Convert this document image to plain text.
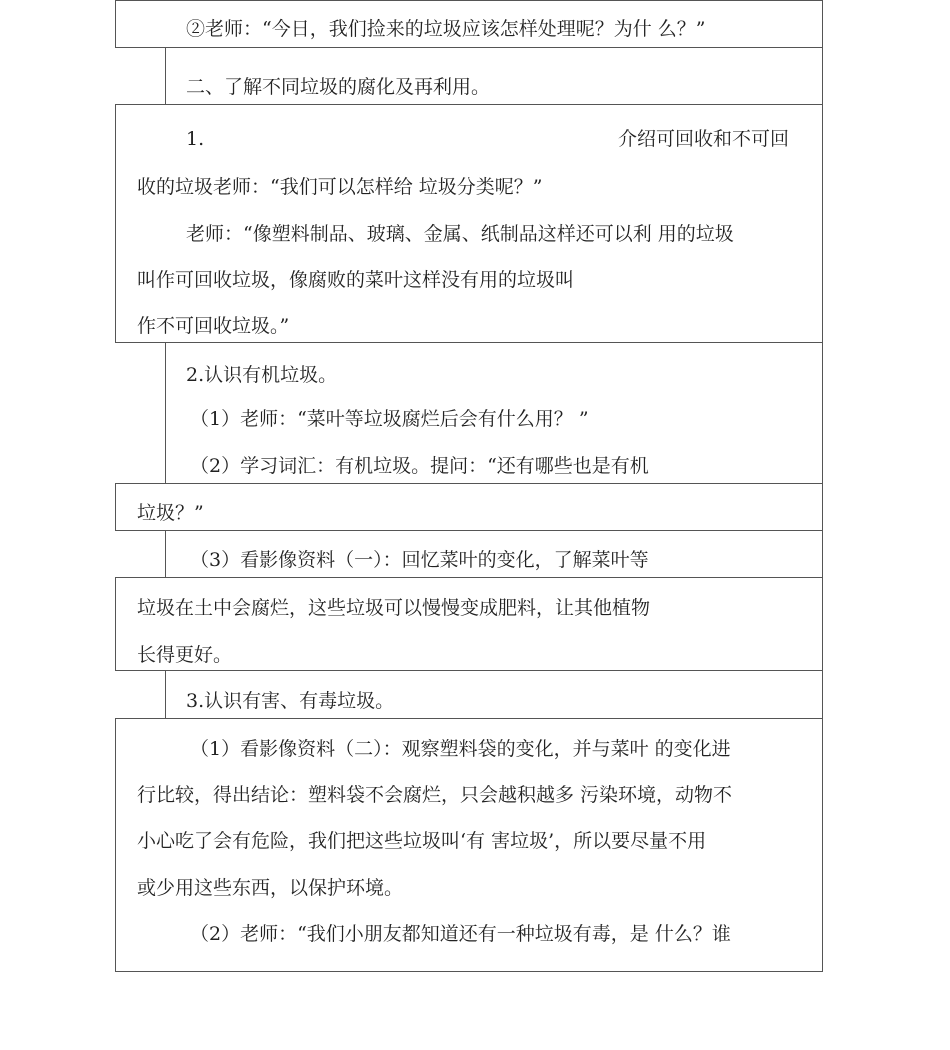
②老师：“今日，我们捡来的垃圾应该怎样处理呢？为什 么？”
二、了解不同垃圾的腐化及再利用。
1.	介绍可回收和不可回
收的垃圾老师：“我们可以怎样给 垃圾分类呢？”
老师：“像塑料制品、玻璃、金属、纸制品这样还可以利 用的垃圾
叫作可回收垃圾，像腐败的菜叶这样没有用的垃圾叫
作不可回收垃圾。”
2.认识有机垃圾。
（1）老师：“菜叶等垃圾腐烂后会有什么用？ ”
（2）学习词汇：有机垃圾。提问：“还有哪些也是有机
垃圾？”
（3）看影像资料（一）：回忆菜叶的变化，了解菜叶等
垃圾在土中会腐烂，这些垃圾可以慢慢变成肥料，让其他植物
长得更好。
3.认识有害、有毒垃圾。
（1）看影像资料（二）：观察塑料袋的变化，并与菜叶 的变化进
行比较，得出结论：塑料袋不会腐烂，只会越积越多 污染环境，动物不
小心吃了会有危险，我们把这些垃圾叫‘有 害垃圾’，所以要尽量不用
或少用这些东西，以保护环境。
（2）老师：“我们小朋友都知道还有一种垃圾有毒，是 什么？谁
